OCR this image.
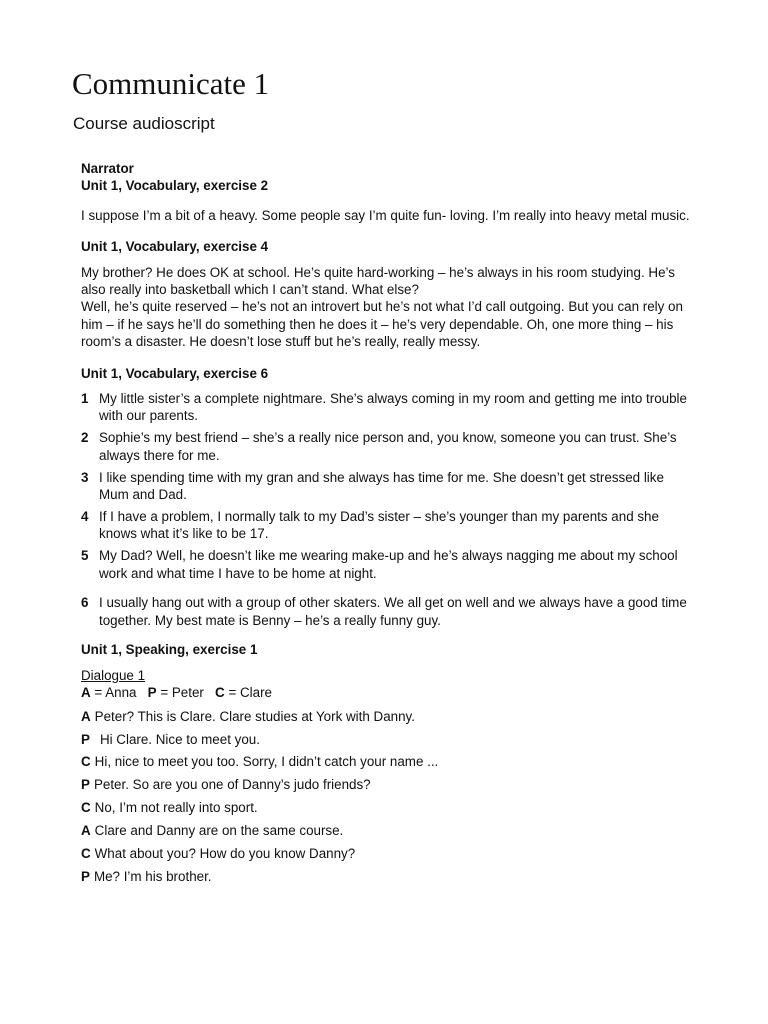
Communicate 1
Course audioscript

Narrator

Unit 1, Vocabulary, exercise 2

I suppose I’m a bit of a heavy. Some people say I’m quite fun- loving. I’m really into heavy metal music.

Unit 1, Vocabulary, exercise 4

My brother? He does OK at school. He’s quite hard-working – he’s always in his room studying. He’s also really into basketball which I can’t stand. What else?

Well, he’s quite reserved – he’s not an introvert but he’s not what I’d call outgoing. But you can rely on him – if he says he’ll do something then he does it – he’s very dependable. Oh, one more thing – his room’s a disaster. He doesn’t lose stuff but he’s really, really messy.

Unit 1, Vocabulary, exercise 6

1 My little sister’s a complete nightmare. She’s always coming in my room and getting me into trouble with our parents.
2 Sophie’s my best friend – she’s a really nice person and, you know, someone you can trust. She’s always there for me.
3 I like spending time with my gran and she always has time for me. She doesn’t get stressed like Mum and Dad.
4 If I have a problem, I normally talk to my Dad’s sister – she’s younger than my parents and she knows what it’s like to be 17.
5 My Dad? Well, he doesn’t like me wearing make-up and he’s always nagging me about my school work and what time I have to be home at night.
6 I usually hang out with a group of other skaters. We all get on well and we always have a good time together. My best mate is Benny – he’s a really funny guy.

Unit 1, Speaking, exercise 1

Dialogue 1

A = Anna P = Peter C = Clare

A Peter? This is Clare. Clare studies at York with Danny.

P Hi Clare. Nice to meet you.

C Hi, nice to meet you too. Sorry, I didn’t catch your name ...

P Peter. So are you one of Danny’s judo friends?

C No, I’m not really into sport.

A Clare and Danny are on the same course.

C What about you? How do you know Danny?

P Me? I’m his brother.
